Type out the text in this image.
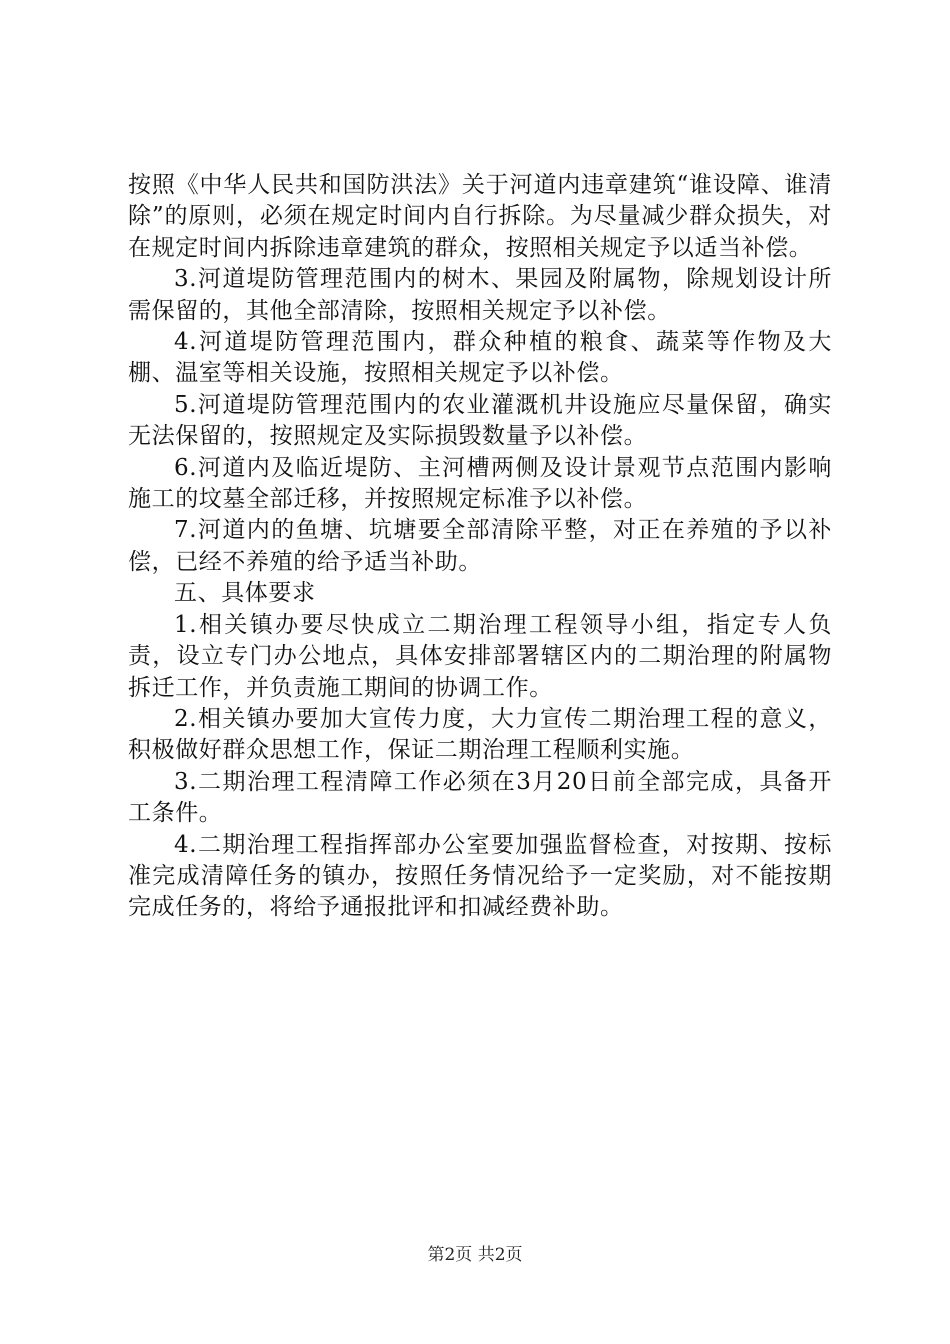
按照《中华人民共和国防洪法》关于河道内违章建筑“谁设障、谁清除”的原则，必须在规定时间内自行拆除。为尽量减少群众损失，对在规定时间内拆除违章建筑的群众，按照相关规定予以适当补偿。

3.河道堤防管理范围内的树木、果园及附属物，除规划设计所需保留的，其他全部清除，按照相关规定予以补偿。

4.河道堤防管理范围内，群众种植的粮食、蔬菜等作物及大棚、温室等相关设施，按照相关规定予以补偿。

5.河道堤防管理范围内的农业灌溉机井设施应尽量保留，确实无法保留的，按照规定及实际损毁数量予以补偿。

6.河道内及临近堤防、主河槽两侧及设计景观节点范围内影响施工的坟墓全部迁移，并按照规定标准予以补偿。

7.河道内的鱼塘、坑塘要全部清除平整，对正在养殖的予以补偿，已经不养殖的给予适当补助。

五、具体要求

1.相关镇办要尽快成立二期治理工程领导小组，指定专人负责，设立专门办公地点，具体安排部署辖区内的二期治理的附属物拆迁工作，并负责施工期间的协调工作。

2.相关镇办要加大宣传力度，大力宣传二期治理工程的意义，积极做好群众思想工作，保证二期治理工程顺利实施。

3.二期治理工程清障工作必须在3月20日前全部完成，具备开工条件。

4.二期治理工程指挥部办公室要加强监督检查，对按期、按标准完成清障任务的镇办，按照任务情况给予一定奖励，对不能按期完成任务的，将给予通报批评和扣减经费补助。

第2页 共2页
